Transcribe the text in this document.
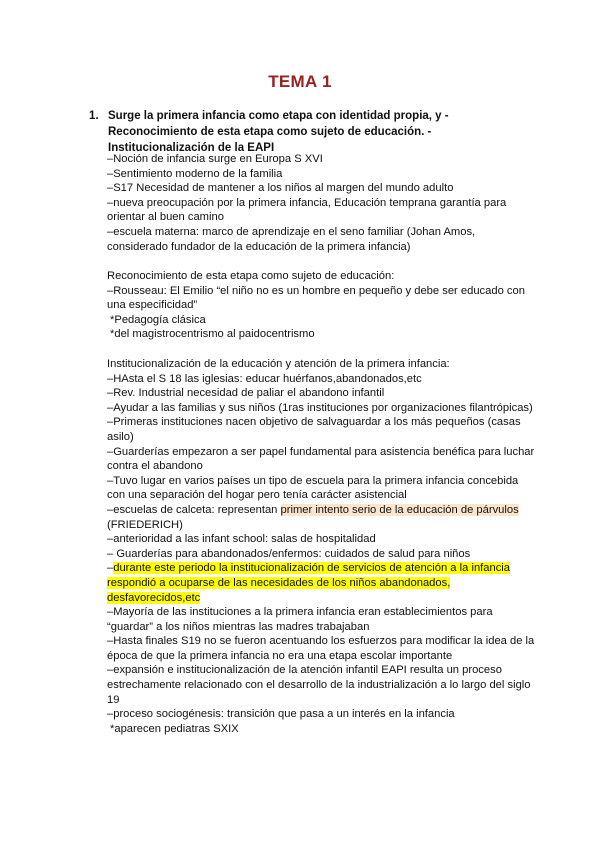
TEMA 1
1. Surge la primera infancia como etapa con identidad propia, y - Reconocimiento de esta etapa como sujeto de educación. - Institucionalización de la EAPI
–Noción de infancia surge en Europa S XVI
–Sentimiento moderno de la familia
–S17 Necesidad de mantener a los niños al margen del mundo adulto
–nueva preocupación por la primera infancia, Educación temprana garantía para orientar al buen camino
–escuela materna: marco de aprendizaje en el seno familiar (Johan Amos, considerado fundador de la educación de la primera infancia)
Reconocimiento de esta etapa como sujeto de educación:
–Rousseau: El Emilio “el niño no es un hombre en pequeño y debe ser educado con una especificidad”
*Pedagogía clásica
*del magistrocentrismo al paidocentrismo
Institucionalización de la educación y atención de la primera infancia:
–HAsta el S 18 las iglesias: educar huérfanos,abandonados,etc
–Rev. Industrial necesidad de paliar el abandono infantil
–Ayudar a las familias y sus niños (1ras instituciones por organizaciones filantrópicas)
–Primeras instituciones nacen objetivo de salvaguardar a los más pequeños (casas asilo)
–Guarderías empezaron a ser papel fundamental para asistencia benéfica para luchar contra el abandono
–Tuvo lugar en varios países un tipo de escuela para la primera infancia concebida con una separación del hogar pero tenía carácter asistencial
–escuelas de calceta: representan primer intento serio de la educación de párvulos (FRIEDERICH)
–anterioridad a las infant school: salas de hospitalidad
– Guarderías para abandonados/enfermos: cuidados de salud para niños
–durante este periodo la institucionalización de servicios de atención a la infancia respondió a ocuparse de las necesidades de los niños abandonados, desfavorecidos,etc
–Mayoría de las instituciones a la primera infancia eran establecimientos para “guardar” a los niños mientras las madres trabajaban
–Hasta finales S19 no se fueron acentuando los esfuerzos para modificar la idea de la época de que la primera infancia no era una etapa escolar importante
–expansión e institucionalización de la atención infantil EAPI resulta un proceso estrechamente relacionado con el desarrollo de la industrialización a lo largo del siglo 19
–proceso sociogénesis: transición que pasa a un interés en la infancia
*aparecen pediatras SXIX
